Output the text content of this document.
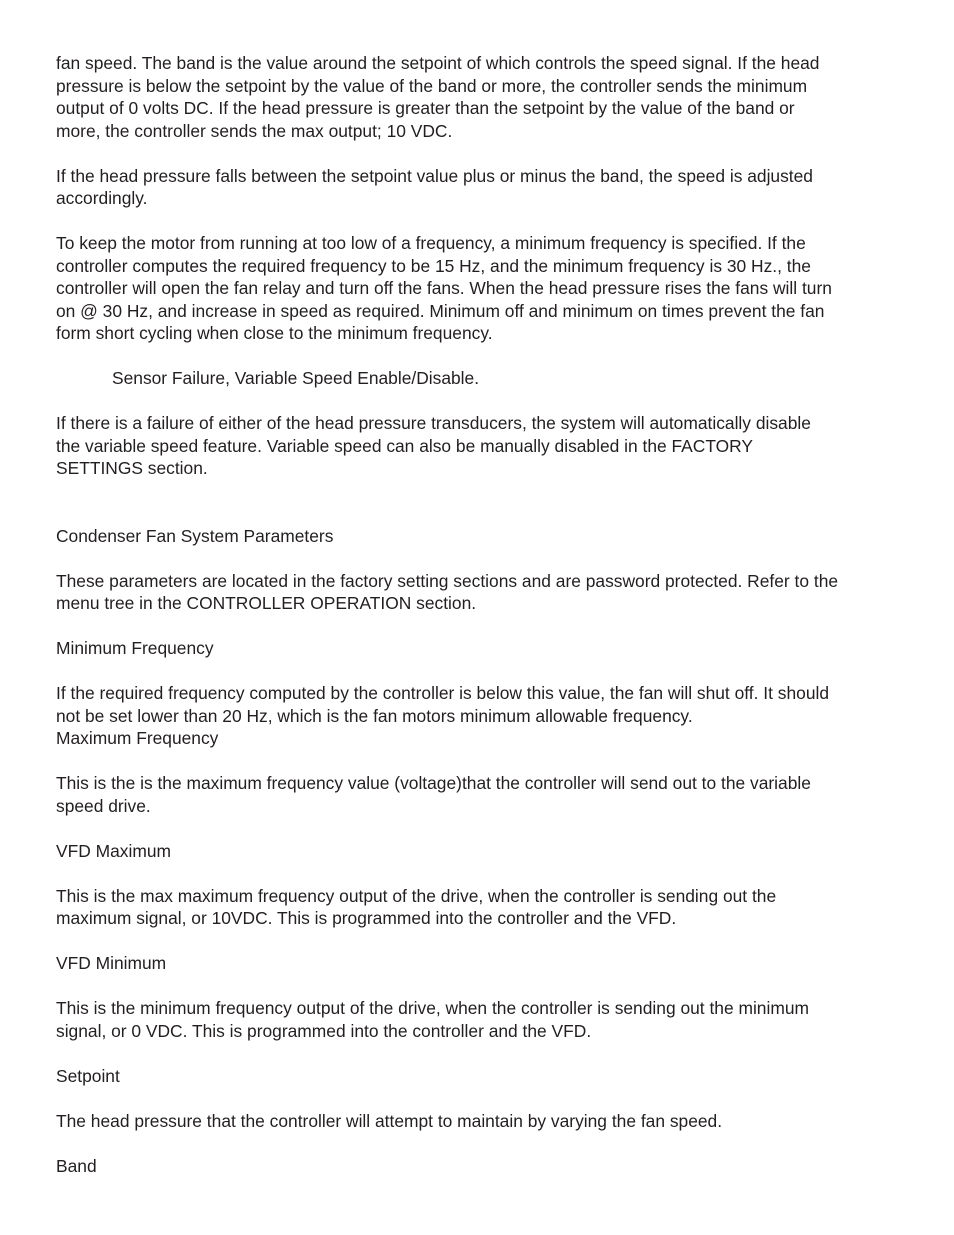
fan speed. The band is the value around the setpoint of which controls the speed signal. If the head
pressure is below the setpoint by the value of the band or more, the controller sends the minimum
output of 0 volts DC. If the head pressure is greater than the setpoint by the value of the band or
more, the controller sends the max output; 10 VDC.

If the head pressure falls between the setpoint value plus or minus the band, the speed is adjusted
accordingly.

To keep the motor from running at too low of a frequency, a minimum frequency is specified. If the
controller computes the required frequency to be 15 Hz, and the minimum frequency is 30 Hz., the
controller will open the fan relay and turn off the fans. When the head pressure rises the fans will turn
on @ 30 Hz, and increase in speed as required. Minimum off and minimum on times prevent the fan
form short cycling when close to the minimum frequency.

Sensor Failure, Variable Speed Enable/Disable.

If there is a failure of either of the head pressure transducers, the system will automatically disable
the variable speed feature. Variable speed can also be manually disabled in the FACTORY
SETTINGS section.

Condenser Fan System Parameters

These parameters are located in the factory setting sections and are password protected. Refer to the
menu tree in the CONTROLLER OPERATION section.

Minimum Frequency

If the required frequency computed by the controller is below this value, the fan will shut off. It should
not be set lower than 20 Hz, which is the fan motors minimum allowable frequency.

Maximum Frequency

This is the is the maximum frequency value (voltage)that the controller will send out to the variable
speed drive.

VFD Maximum

This is the max maximum frequency output of the drive, when the controller is sending out the
maximum signal, or 10VDC. This is programmed into the controller and the VFD.

VFD Minimum

This is the minimum frequency output of the drive, when the controller is sending out the minimum
signal, or 0 VDC. This is programmed into the controller and the VFD.

Setpoint

The head pressure that the controller will attempt to maintain by varying the fan speed.

Band
